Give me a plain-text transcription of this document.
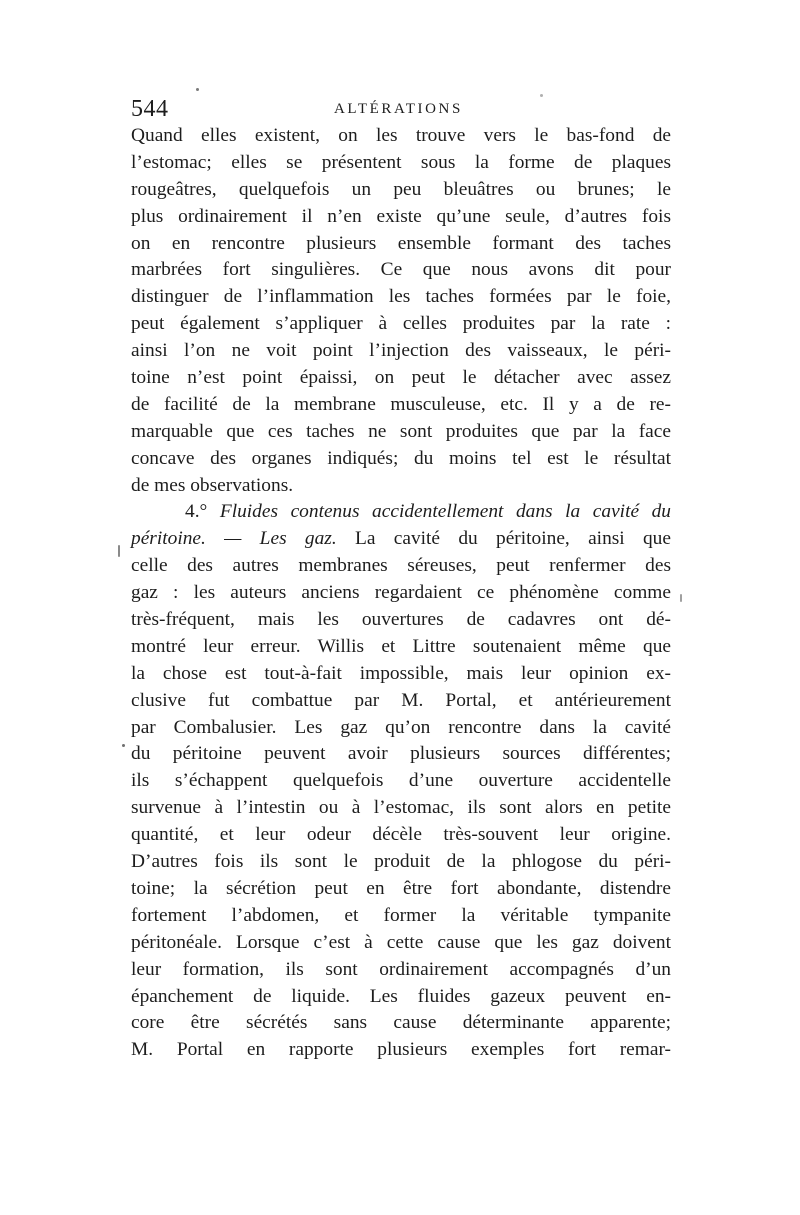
544	ALTÉRATIONS
Quand elles existent, on les trouve vers le bas-fond de
l’estomac; elles se présentent sous la forme de plaques
rougeâtres, quelquefois un peu bleuâtres ou brunes; le
plus ordinairement il n’en existe qu’une seule, d’autres fois
on en rencontre plusieurs ensemble formant des taches
marbrées fort singulières. Ce que nous avons dit pour
distinguer de l’inflammation les taches formées par le foie,
peut également s’appliquer à celles produites par la rate :
ainsi l’on ne voit point l’injection des vaisseaux, le péri-
toine n’est point épaissi, on peut le détacher avec assez
de facilité de la membrane musculeuse, etc. Il y a de re-
marquable que ces taches ne sont produites que par la face
concave des organes indiqués; du moins tel est le résultat
de mes observations.
4.° Fluides contenus accidentellement dans la cavité du
péritoine. — Les gaz. La cavité du péritoine, ainsi que
celle des autres membranes séreuses, peut renfermer des
gaz : les auteurs anciens regardaient ce phénomène comme
très-fréquent, mais les ouvertures de cadavres ont dé-
montré leur erreur. Willis et Littre soutenaient même que
la chose est tout-à-fait impossible, mais leur opinion ex-
clusive fut combattue par M. Portal, et antérieurement
par Combalusier. Les gaz qu’on rencontre dans la cavité
du péritoine peuvent avoir plusieurs sources différentes;
ils s’échappent quelquefois d’une ouverture accidentelle
survenue à l’intestin ou à l’estomac, ils sont alors en petite
quantité, et leur odeur décèle très-souvent leur origine.
D’autres fois ils sont le produit de la phlogose du péri-
toine; la sécrétion peut en être fort abondante, distendre
fortement l’abdomen, et former la véritable tympanite
péritonéale. Lorsque c’est à cette cause que les gaz doivent
leur formation, ils sont ordinairement accompagnés d’un
épanchement de liquide. Les fluides gazeux peuvent en-
core être sécrétés sans cause déterminante apparente;
M. Portal en rapporte plusieurs exemples fort remar-
